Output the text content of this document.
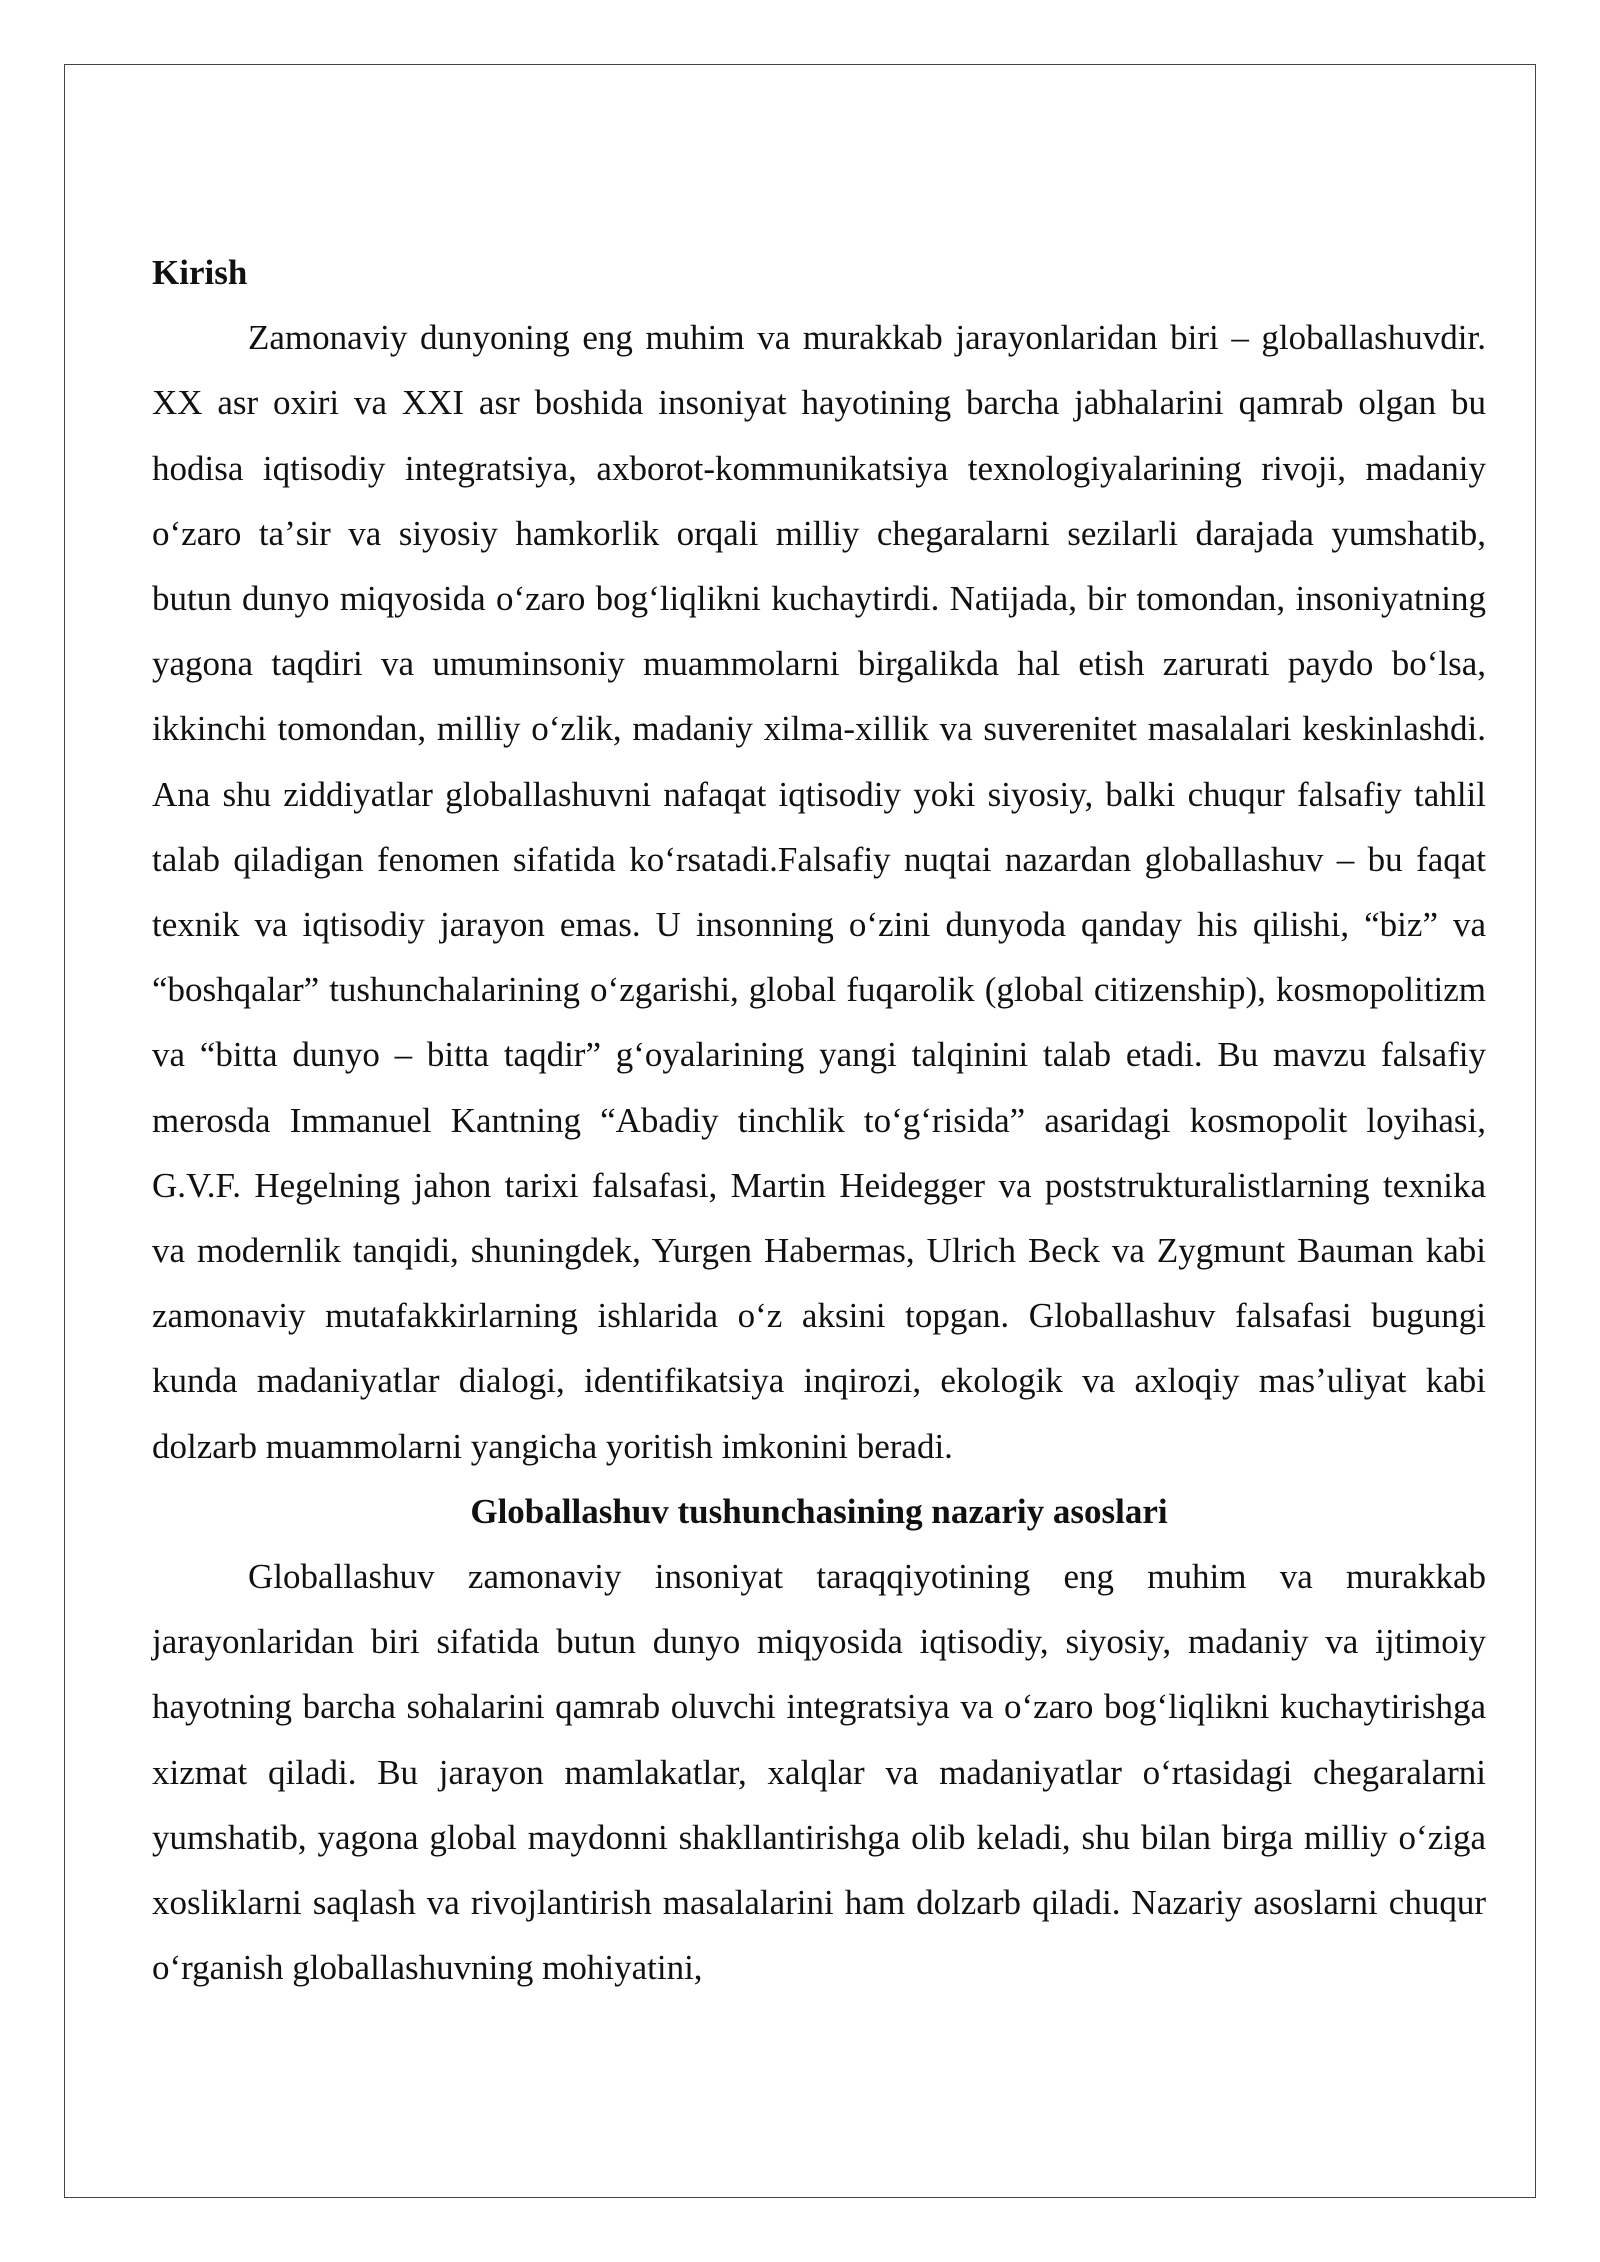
Kirish

Zamonaviy dunyoning eng muhim va murakkab jarayonlaridan biri – globallashuvdir. XX asr oxiri va XXI asr boshida insoniyat hayotining barcha jabhalarini qamrab olgan bu hodisa iqtisodiy integratsiya, axborot-kommunikatsiya texnologiyalarining rivoji, madaniy oʻzaro taʼsir va siyosiy hamkorlik orqali milliy chegaralarni sezilarli darajada yumshatib, butun dunyo miqyosida oʻzaro bogʻliqlikni kuchaytirdi. Natijada, bir tomondan, insoniyatning yagona taqdiri va umuminsoniy muammolarni birgalikda hal etish zarurati paydo boʻlsa, ikkinchi tomondan, milliy oʻzlik, madaniy xilma-xillik va suverenitet masalalari keskinlashdi. Ana shu ziddiyatlar globallashuvni nafaqat iqtisodiy yoki siyosiy, balki chuqur falsafiy tahlil talab qiladigan fenomen sifatida koʻrsatadi.Falsafiy nuqtai nazardan globallashuv – bu faqat texnik va iqtisodiy jarayon emas. U insonning oʻzini dunyoda qanday his qilishi, “biz” va “boshqalar” tushunchalarining oʻzgarishi, global fuqarolik (global citizenship), kosmopolitizm va “bitta dunyo – bitta taqdir” gʻoyalarining yangi talqinini talab etadi. Bu mavzu falsafiy merosda Immanuel Kantning “Abadiy tinchlik toʻgʻrisida” asaridagi kosmopolit loyihasi, G.V.F. Hegelning jahon tarixi falsafasi, Martin Heidegger va poststrukturalistlarning texnika va modernlik tanqidi, shuningdek, Yurgen Habermas, Ulrich Beck va Zygmunt Bauman kabi zamonaviy mutafakkirlarning ishlarida oʻz aksini topgan. Globallashuv falsafasi bugungi kunda madaniyatlar dialogi, identifikatsiya inqirozi, ekologik va axloqiy masʼuliyat kabi dolzarb muammolarni yangicha yoritish imkonini beradi.

Globallashuv tushunchasining nazariy asoslari

Globallashuv zamonaviy insoniyat taraqqiyotining eng muhim va murakkab jarayonlaridan biri sifatida butun dunyo miqyosida iqtisodiy, siyosiy, madaniy va ijtimoiy hayotning barcha sohalarini qamrab oluvchi integratsiya va oʻzaro bogʻliqlikni kuchaytirishga xizmat qiladi. Bu jarayon mamlakatlar, xalqlar va madaniyatlar oʻrtasidagi chegaralarni yumshatib, yagona global maydonni shakllantirishga olib keladi, shu bilan birga milliy oʻziga xosliklarni saqlash va rivojlantirish masalalarini ham dolzarb qiladi. Nazariy asoslarni chuqur oʻrganish globallashuvning mohiyatini,
